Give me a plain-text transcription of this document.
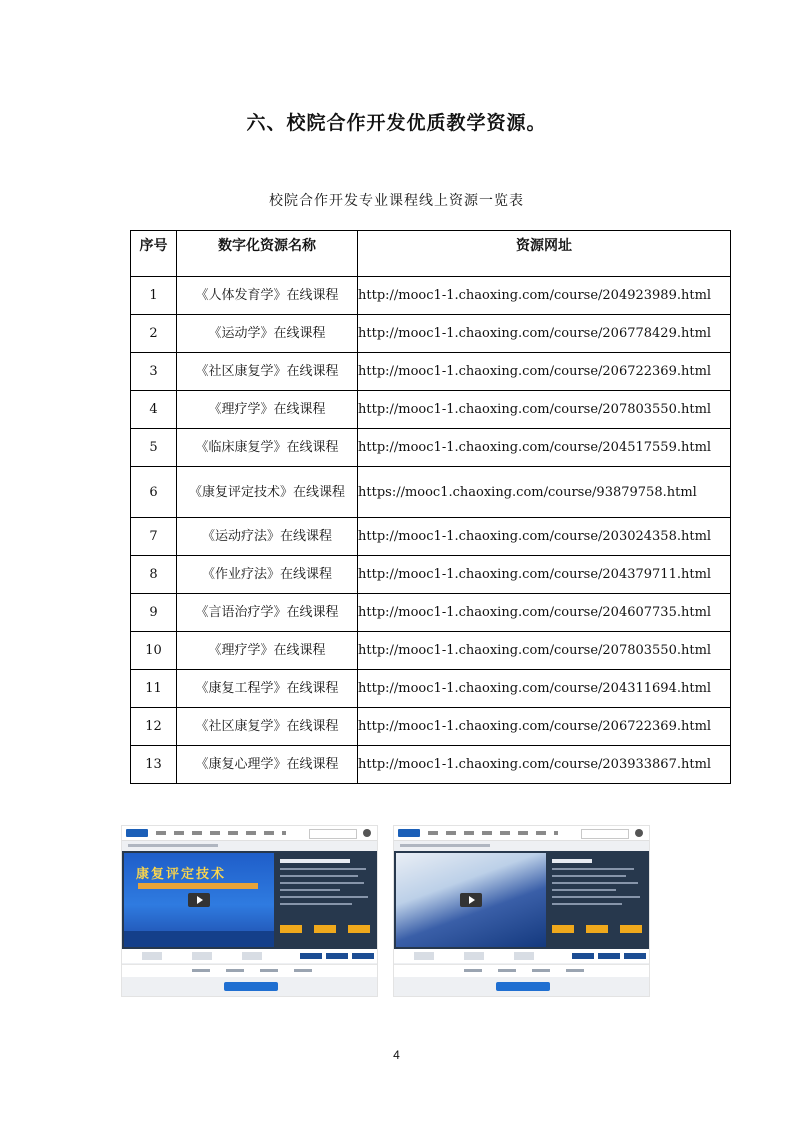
六、校院合作开发优质教学资源。
校院合作开发专业课程线上资源一览表
序号	数字化资源名称	资源网址
1	《人体发育学》在线课程	http://mooc1-1.chaoxing.com/course/204923989.html
2	《运动学》在线课程	http://mooc1-1.chaoxing.com/course/206778429.html
3	《社区康复学》在线课程	http://mooc1-1.chaoxing.com/course/206722369.html
4	《理疗学》在线课程	http://mooc1-1.chaoxing.com/course/207803550.html
5	《临床康复学》在线课程	http://mooc1-1.chaoxing.com/course/204517559.html
6	《康复评定技术》在线课程	https://mooc1.chaoxing.com/course/93879758.html
7	《运动疗法》在线课程	http://mooc1-1.chaoxing.com/course/203024358.html
8	《作业疗法》在线课程	http://mooc1-1.chaoxing.com/course/204379711.html
9	《言语治疗学》在线课程	http://mooc1-1.chaoxing.com/course/204607735.html
10	《理疗学》在线课程	http://mooc1-1.chaoxing.com/course/207803550.html
11	《康复工程学》在线课程	http://mooc1-1.chaoxing.com/course/204311694.html
12	《社区康复学》在线课程	http://mooc1-1.chaoxing.com/course/206722369.html
13	《康复心理学》在线课程	http://mooc1-1.chaoxing.com/course/203933867.html
康复评定技术
4
